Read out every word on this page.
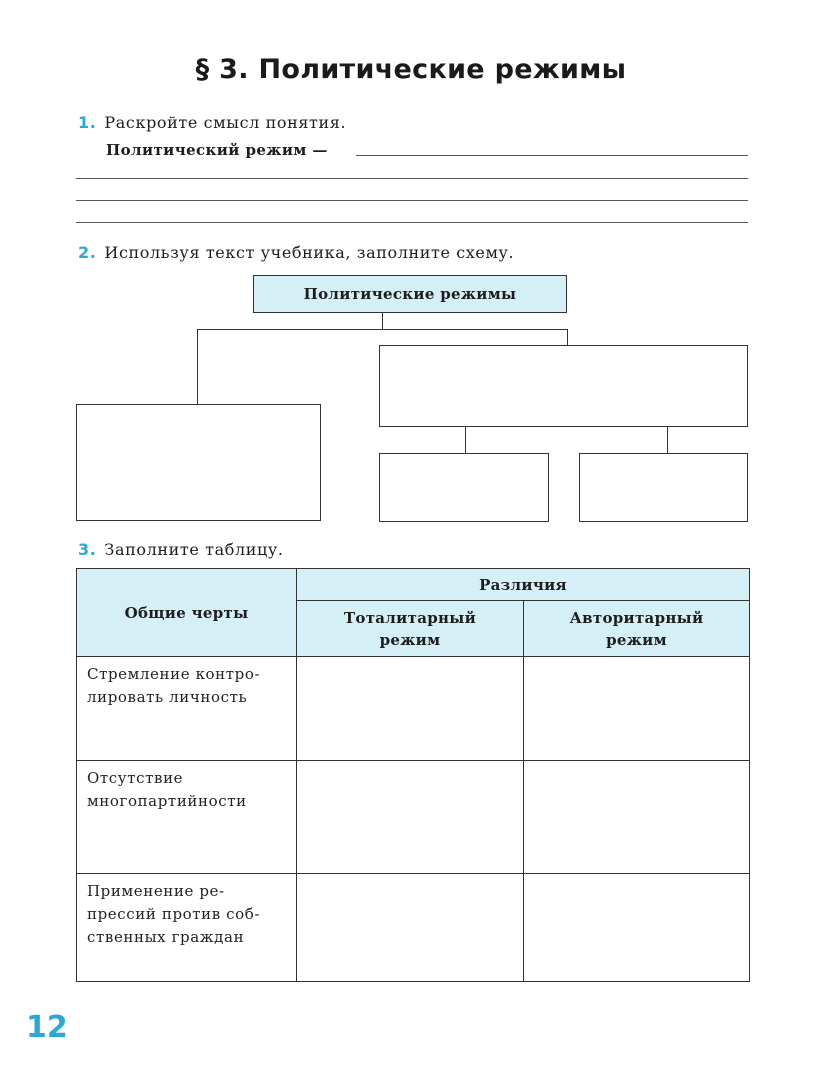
§ 3. Политические режимы
1. Раскройте смысл понятия.
Политический режим —
2. Используя текст учебника, заполните схему.
Политические режимы
3. Заполните таблицу.
Общие черты	Различия	
	Тоталитарный режим	Авторитарный режим

Стремление контро-
лировать личность		

Отсутствие
многопартийности		

Применение ре-
прессий против соб-
ственных граждан		

12
